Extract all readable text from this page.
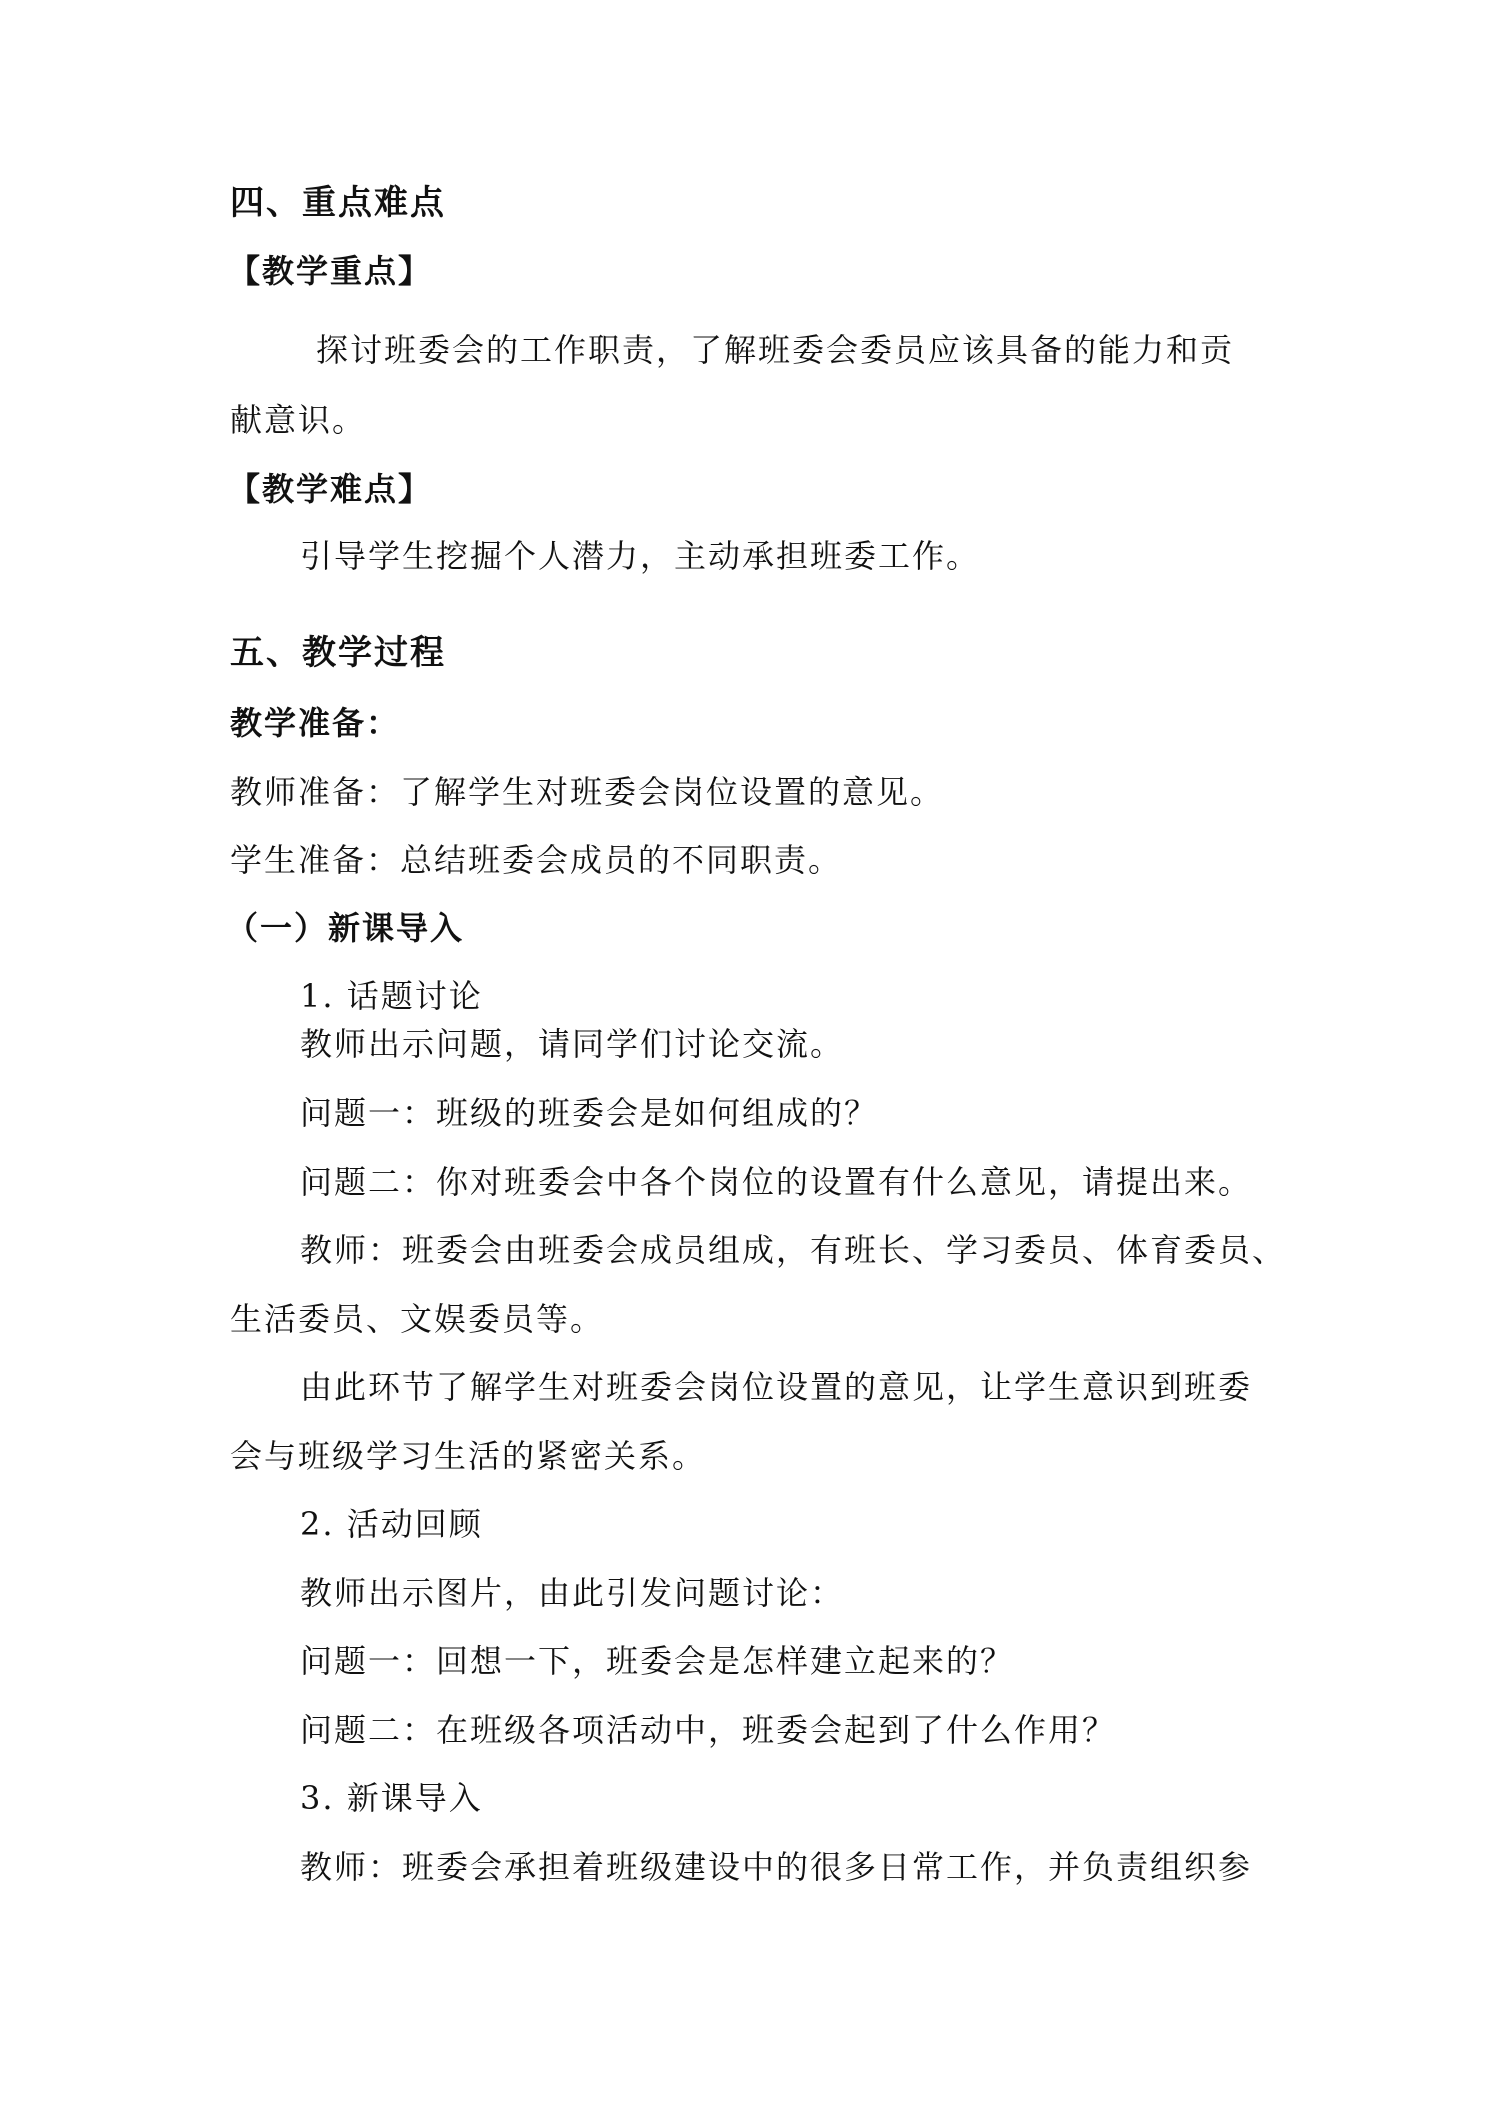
四、重点难点

【教学重点】

探讨班委会的工作职责，了解班委会委员应该具备的能力和贡

献意识。

【教学难点】

引导学生挖掘个人潜力，主动承担班委工作。

五、教学过程

教学准备：

教师准备：了解学生对班委会岗位设置的意见。

学生准备：总结班委会成员的不同职责。

（一）新课导入

1. 话题讨论

教师出示问题，请同学们讨论交流。

问题一：班级的班委会是如何组成的？

问题二：你对班委会中各个岗位的设置有什么意见，请提出来。

教师：班委会由班委会成员组成，有班长、学习委员、体育委员、

生活委员、文娱委员等。

由此环节了解学生对班委会岗位设置的意见，让学生意识到班委

会与班级学习生活的紧密关系。

2. 活动回顾

教师出示图片，由此引发问题讨论：

问题一：回想一下，班委会是怎样建立起来的？

问题二：在班级各项活动中，班委会起到了什么作用？

3. 新课导入

教师：班委会承担着班级建设中的很多日常工作，并负责组织参
